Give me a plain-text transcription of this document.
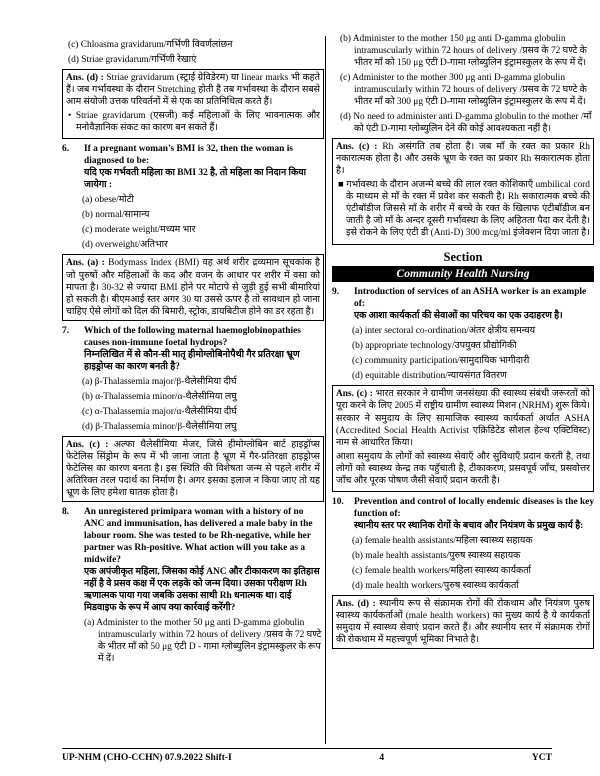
(c) Chloasma gravidarum/गर्भिणी विवर्णलांछन
(d) Striae gravidarum/गर्भिणी रेखाएं
Ans. (d) : Striae gravidarum (स्ट्राई ग्रेविडेरम) या linear marks भी कहते हैं। जब गर्भावस्था के दौरान Stretching होती है तब गर्भावस्था के दौरान सबसे आम संयोजी उत्तक परिवर्तनों में से एक का प्रतिनिधित्व करते हैं।
• Striae gravidarum (एसजी) कई महिलाओं के लिए भावनात्मक और मनोवैज्ञानिक संकट का कारण बन सकते हैं।
6. If a pregnant woman's BMI is 32, then the woman is diagnosed to be:
यदि एक गर्भवती महिला का BMI 32 है, तो महिला का निदान किया जायेगा :
(a) obese/मोटी
(b) normal/सामान्य
(c) moderate weight/मध्यम भार
(d) overweight/अतिभार
Ans. (a) : Bodymass Index (BMI) वह अर्थ शरीर द्रव्यमान सूचकांक है जो पुरुषों और महिलाओं के कद और वजन के आधार पर शरीर में वसा को मापता है। 30-32 से ज्यादा BMI होने पर मोटापे से जुड़ी हुई सभी बीमारियां हो सकती है। बीएमआई स्तर अगर 30 या उससे ऊपर है तो सावधान हो जाना चाहिए ऐसे लोगों को दिल की बिमारी, स्ट्रोक, डायबिटीज होने का डर रहता है।
7. Which of the following maternal haemoglobinopathies causes non-immune foetal hydrops?
निम्नलिखित में से कौन-सी मातृ हीमोग्लोबिनोपैथी गैर प्रतिरक्षा भ्रूण हाइड्रोप्स का कारण बनती है?
(a) β-Thalassemia major/β-थैलेसीमिया दीर्घ
(b) α-Thalassemia minor/α-थैलेसीमिया लघु
(c) α-Thalassemia major/α-थैलेसीमिया दीर्घ
(d) β-Thalassemia minor/β-थैलेसीमिया लघु
Ans. (c) : अल्फा थैलेसीमिया मेजर, जिसे हीमोग्लोबिन बार्ट हाइड्रॉप्स फेटेलिस सिंड्रोम के रूप में भी जाना जाता है भ्रूण में गैर-प्रतिरक्षा हाइड्रोप्स फेटेलिस का कारण बनता है। इस स्थिति की विशेषता जन्म से पहले शरीर में अतिरिक्त तरल पदार्थ का निर्माण है। अगर इसका इलाज न किया जाए तो यह भ्रूण के लिए हमेशा घातक होता है।
8. An unregistered primipara woman with a history of no ANC and immunisation, has delivered a male baby in the labour room. She was tested to be Rh-negative, while her partner was Rh-positive. What action will you take as a midwife?
एक अपंजीकृत महिला, जिसका कोई ANC और टीकाकरण का इतिहास नहीं है वे प्रसव कक्ष में एक लड़के को जन्म दिया। उसका परीक्षण Rh ऋणात्मक पाया गया जबकि उसका साथी Rh धनात्मक था। दाई मिडवाइफ के रूप में आप क्या कार्रवाई करेंगी?
(a) Administer to the mother 50 μg anti D-gamma globulin intramuscularly within 72 hours of delivery /प्रसव के 72 घण्टे के भीतर माँ को 50 μg एंटी D - गामा ग्लोब्युलिन इंट्रामस्कुलर के रूप में दें।
(b) Administer to the mother 150 μg anti D-gamma globulin intramuscularly within 72 hours of delivery /प्रसव के 72 घण्टे के भीतर माँ को 150 μg एंटी D-गामा ग्लोब्युलिन इंट्रामस्कुलर के रूप में दें।
(c) Administer to the mother 300 μg anti D-gamma globulin intramuscularly within 72 hours of delivery /प्रसव के 72 घण्टे के भीतर माँ को 300 μg एंटी D-गामा ग्लोब्युलिन इंट्रामस्कुलर के रूप में दें।
(d) No need to administer anti D-gamma globulin to the mother /माँ को एंटी D-गामा ग्लोब्युलिन देने की कोई आवश्यकता नहीं है।
Ans. (c) : Rh असंगति तब होता है। जब माँ के रक्त का प्रकार Rh नकारात्मक होता है। और उसके भ्रूण के रक्त का प्रकार Rh सकारात्मक होता है।
■ गर्भावस्था के दौरान अजन्मे बच्चे की लाल रक्त कोशिकाएँ umbilical cord के माध्यम से माँ के रक्त में प्रवेश कर सकती है। Rh सकारात्मक बच्चे की एंटीबॉडीज जिससे माँ के शरीर में बच्चे के रक्त के खिलाफ एंटीबॉडीज बन जाती है जो माँ के अन्दर दूसरी गर्भावस्था के लिए अहितता पैदा कर देती है। इसे रोकने के लिए एंटी डी (Anti-D) 300 mcg/ml इंजेक्शन दिया जाता है।
Section
Community Health Nursing
9. Introduction of services of an ASHA worker is an example of:
एक आशा कार्यकर्ता की सेवाओं का परिचय का एक उदाहरण है।
(a) inter sectoral co-ordination/अंतर क्षेत्रीय समन्वय
(b) appropriate technology/उपयुक्त प्रौद्योगिकी
(c) community participation/सामुदायिक भागीदारी
(d) equitable distribution/न्यायसंगत वितरण
Ans. (c) : भारत सरकार ने ग्रामीण जनसंख्या की स्वास्थ्य संबंधी जरूरतों को पूरा करने के लिए 2005 में राष्ट्रीय ग्रामीण स्वास्थ्य मिशन (NRHM) शुरू किये। सरकार ने समुदाय के लिए सामाजिक स्वास्थ्य कार्यकर्ता अर्थात ASHA (Accredited Social Health Activist एक्रिडिटेड सोशल हेल्थ एक्टिविस्ट) नाम से आधारित किया।
आशा समुदाय के लोगों को स्वास्थ्य सेवाएँ और सुविधाएँ प्रदान करती है, तथा लोगों को स्वास्थ्य केन्द्र तक पहुँचाती है, टीकाकरण, प्रसवपूर्व जाँच, प्रसवोत्तर जाँच और पूरक पोषण जैसी सेवाएँ प्रदान करती है।
10. Prevention and control of locally endemic diseases is the key function of:
स्थानीय स्तर पर स्थानिक रोगों के बचाव और नियंत्रण के प्रमुख कार्य है:
(a) female health assistants/महिला स्वास्थ्य सहायक
(b) male health assistants/पुरुष स्वास्थ्य सहायक
(c) female health workers/महिला स्वास्थ्य कार्यकर्ता
(d) male health workers/पुरुष स्वास्थ्य कार्यकर्ता
Ans. (d) : स्थानीय रूप से संक्रामक रोगों की रोकथाम और नियंत्रण पुरुष स्वास्थ्य कार्यकर्ताओं (male health workers) का मुख्य कार्य है ये कार्यकर्ता समुदाय में स्वास्थ्य सेवाएं प्रदान करते हैं। और स्थानीय स्तर में संक्रामक रोगों की रोकथाम में महत्त्वपूर्ण भूमिका निभाते है।
UP-NHM (CHO-CCHN) 07.9.2022 Shift-I	4	YCT
